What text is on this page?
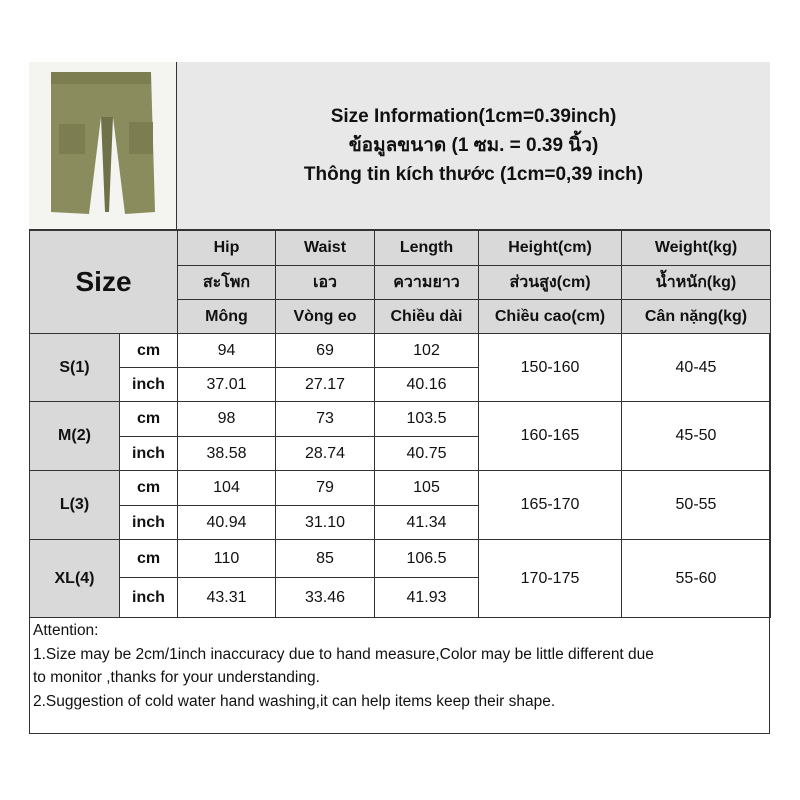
Size Information(1cm=0.39inch)
ข้อมูลขนาด (1 ซม. = 0.39 นิ้ว)
Thông tin kích thước (1cm=0,39 inch)
Size		Hip	Waist	Length	Height(cm)	Weight(kg)
		สะโพก	เอว	ความยาว	ส่วนสูง(cm)	น้ำหนัก(kg)
		Mông	Vòng eo	Chiều dài	Chiều cao(cm)	Cân nặng(kg)
S(1)	cm	94	69	102	150-160	40-45
	inch	37.01	27.17	40.16		
M(2)	cm	98	73	103.5	160-165	45-50
	inch	38.58	28.74	40.75		
L(3)	cm	104	79	105	165-170	50-55
	inch	40.94	31.10	41.34		
XL(4)	cm	110	85	106.5	170-175	55-60
	inch	43.31	33.46	41.93		
Attention:
1.Size may be 2cm/1inch inaccuracy due to hand measure,Color may be little different due
to monitor ,thanks for your understanding.
2.Suggestion of cold water hand washing,it can help items keep their shape.
